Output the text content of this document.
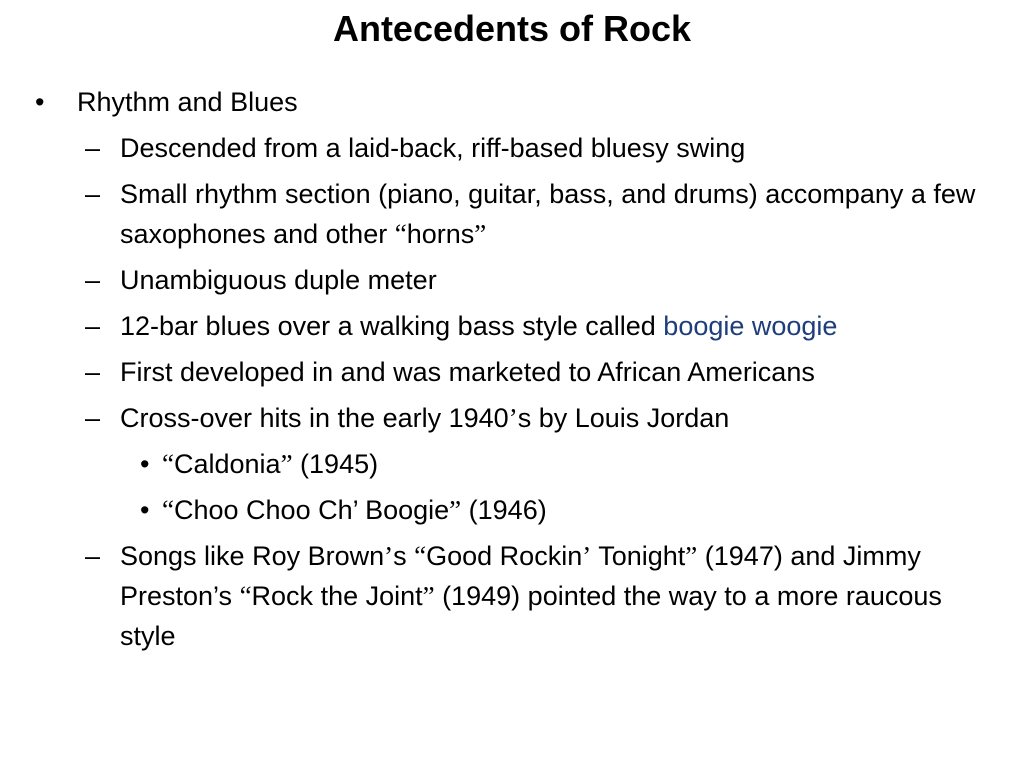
Antecedents of Rock
• Rhythm and Blues
– Descended from a laid-back, riff-based bluesy swing
– Small rhythm section (piano, guitar, bass, and drums) accompany a few saxophones and other “horns”
– Unambiguous duple meter
– 12-bar blues over a walking bass style called boogie woogie
– First developed in and was marketed to African Americans
– Cross-over hits in the early 1940’s by Louis Jordan
• “Caldonia” (1945)
• “Choo Choo Ch’ Boogie” (1946)
– Songs like Roy Brown’s “Good Rockin’ Tonight” (1947) and Jimmy Preston’s “Rock the Joint” (1949) pointed the way to a more raucous style
